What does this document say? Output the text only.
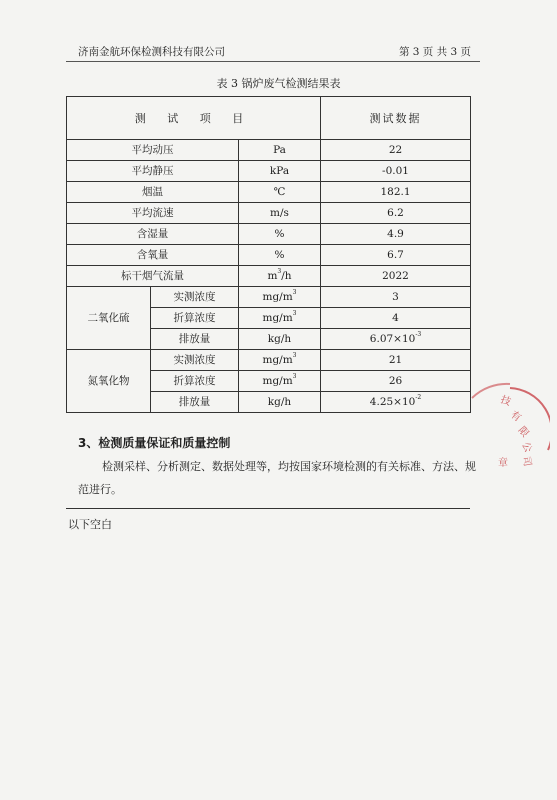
济南金航环保检测科技有限公司	第 3 页 共 3 页
表 3 锅炉废气检测结果表
测 试 项 目			测试数据
平均动压		Pa	22
平均静压		kPa	-0.01
烟温		℃	182.1
平均流速		m/s	6.2
含湿量		%	4.9
含氧量		%	6.7
标干烟气流量		$m^3/h$	2022
二氧化硫	实测浓度	$mg/m^3$	3
	折算浓度	$mg/m^3$	4
	排放量	kg/h	$6.07\times 10^{-3}$
氮氧化物	实测浓度	$mg/m^3$	21
	折算浓度	$mg/m^3$	26
	排放量	kg/h	$4.25\times 10^{-2}$
3、检测质量保证和质量控制
检测采样、分析测定、数据处理等，均按国家环境检测的有关标准、方法、规范进行。
以下空白
技
有
限
公
司
章
